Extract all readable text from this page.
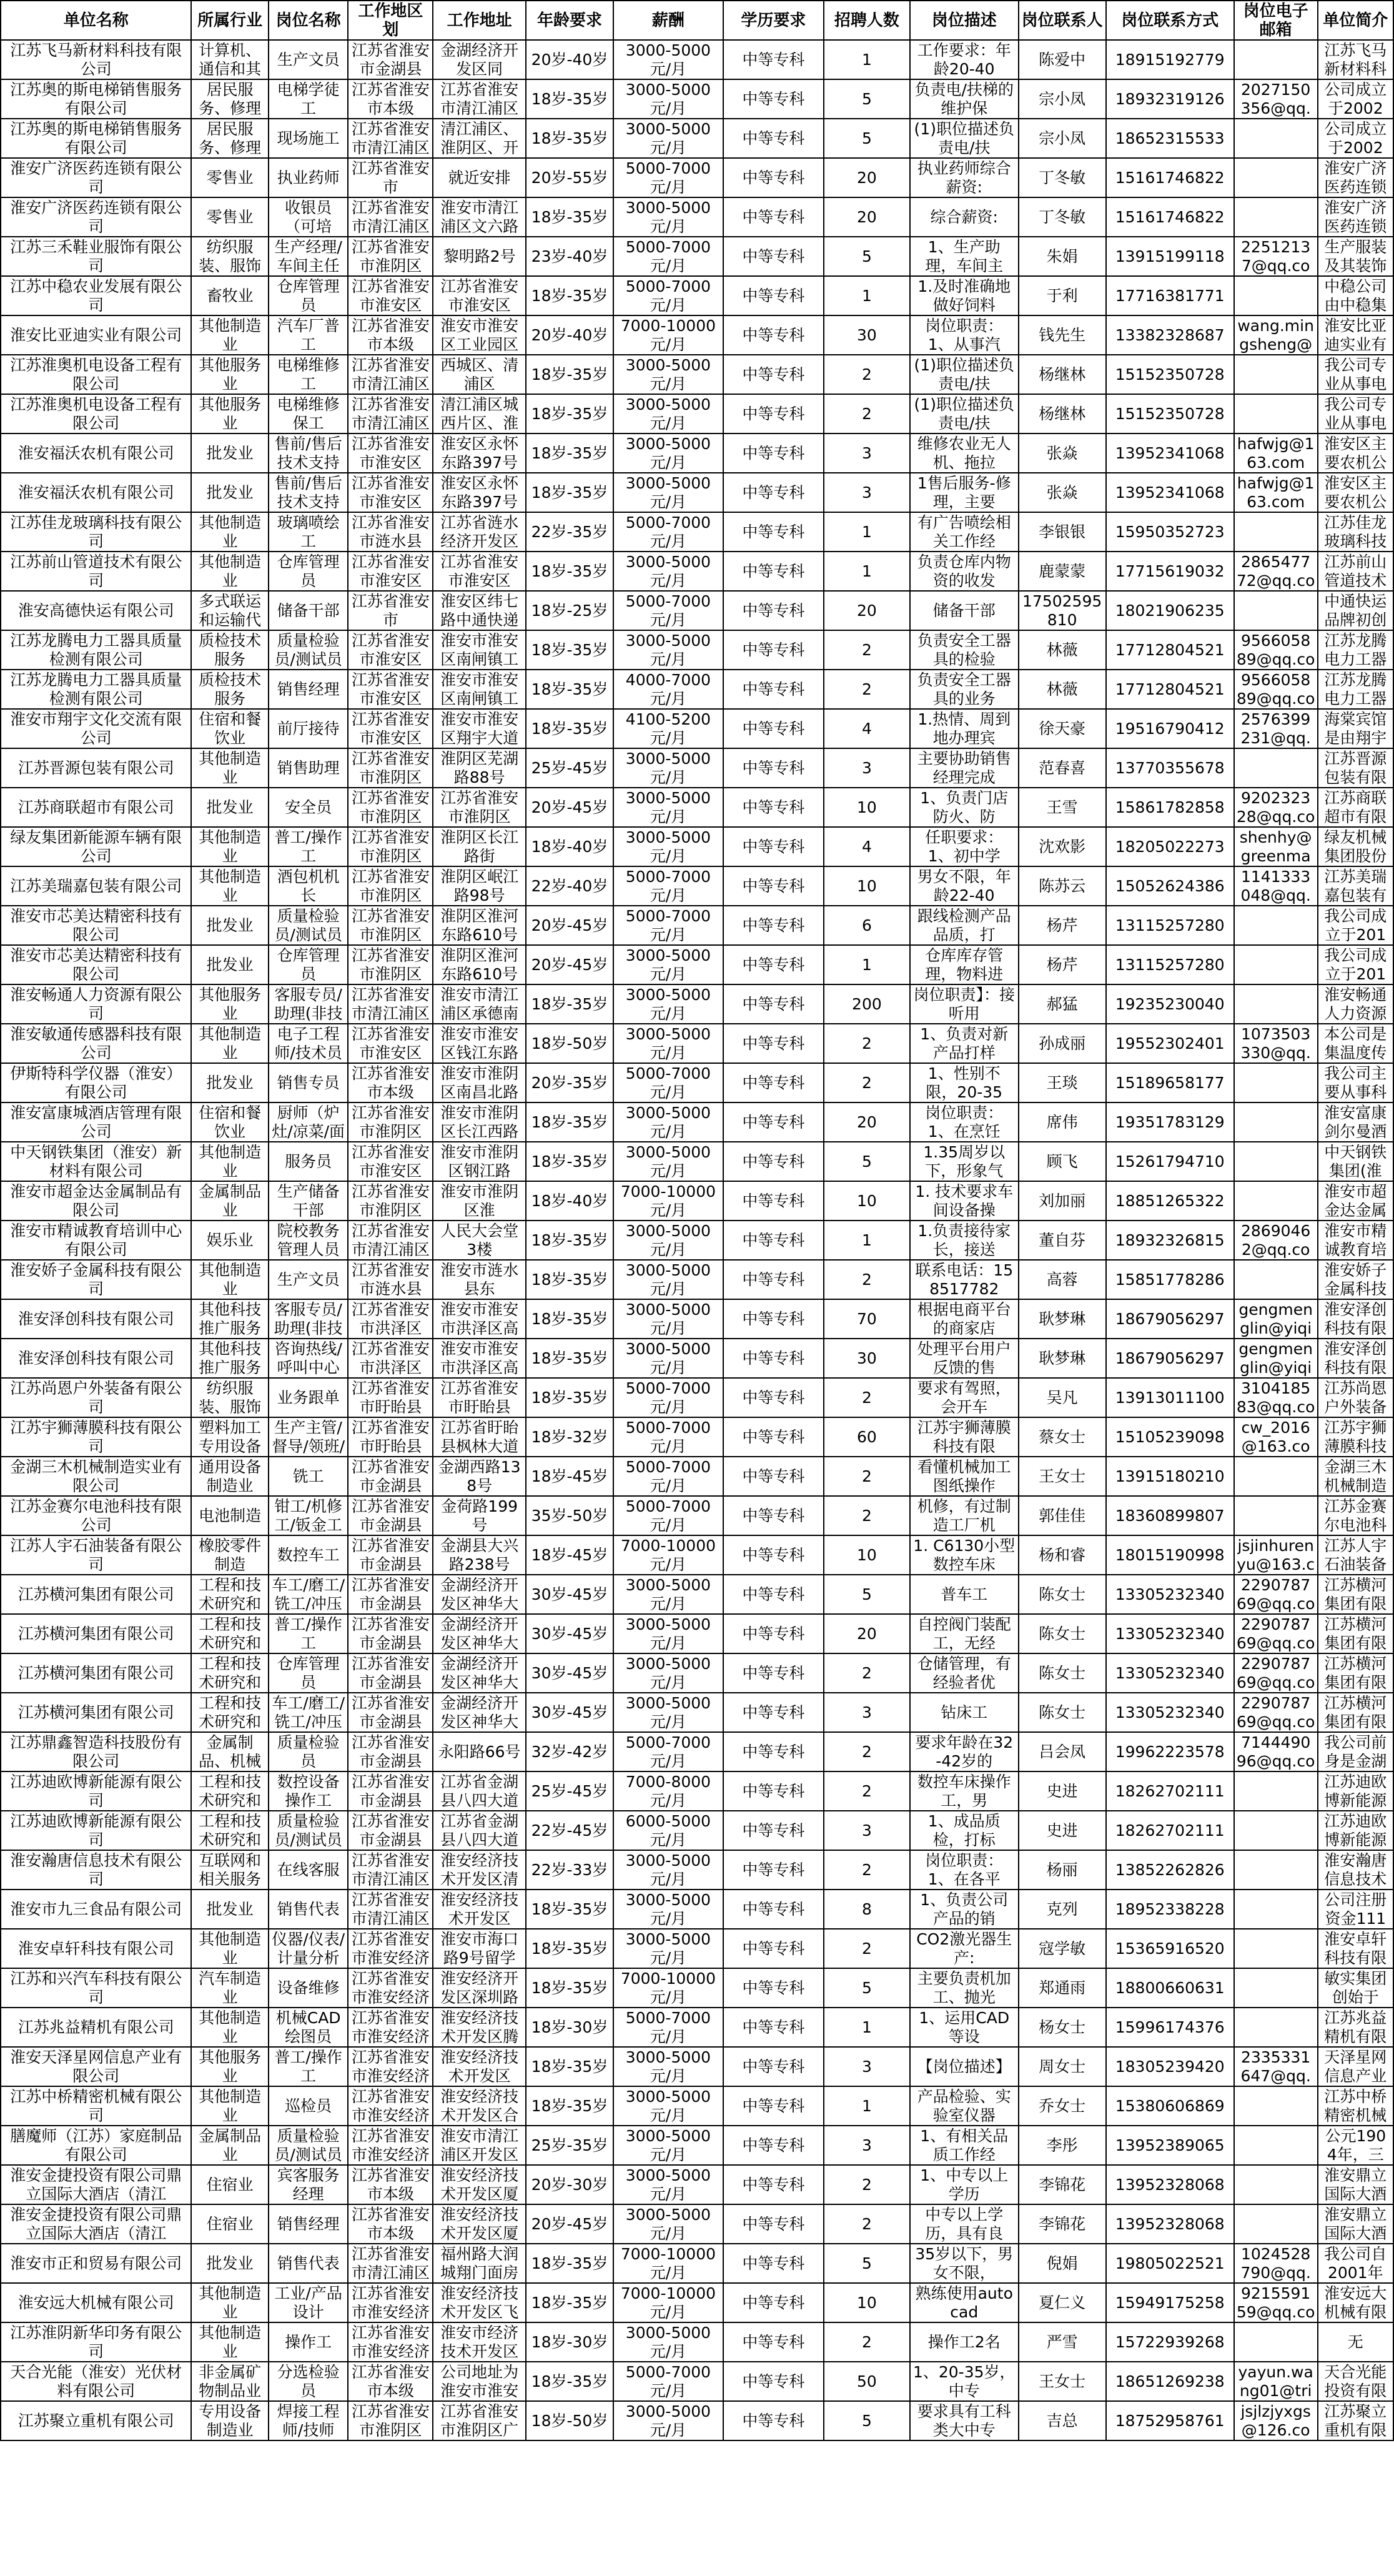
单位名称	所属行业	岗位名称	工作地区划	工作地址	年龄要求	薪酬	学历要求	招聘人数	岗位描述	岗位联系人	岗位联系方式	岗位电子邮箱	单位简介

江苏飞马新材料科技有限公司	计算机、通信和其	生产文员	江苏省淮安市金湖县	金湖经济开发区同	20岁-40岁	3000-5000元/月	中等专科	1	工作要求：年龄20-40	陈爱中	18915192779		江苏飞马新材料科

江苏奥的斯电梯销售服务有限公司	居民服务、修理	电梯学徒工	江苏省淮安市本级	江苏省淮安市清江浦区	18岁-35岁	3000-5000元/月	中等专科	5	负责电/扶梯的维护保	宗小凤	18932319126	2027150356@qq.	公司成立于2002

江苏奥的斯电梯销售服务有限公司	居民服务、修理	现场施工	江苏省淮安市清江浦区	清江浦区、淮阴区、开	18岁-35岁	3000-5000元/月	中等专科	5	(1)职位描述负责电/扶	宗小凤	18652315533		公司成立于2002

淮安广济医药连锁有限公司	零售业	执业药师	江苏省淮安市	就近安排	20岁-55岁	5000-7000元/月	中等专科	20	执业药师综合薪资:	丁冬敏	15161746822		淮安广济医药连锁

淮安广济医药连锁有限公司	零售业	收银员（可培	江苏省淮安市清江浦区	淮安市清江浦区文六路	18岁-35岁	3000-5000元/月	中等专科	20	综合薪资:	丁冬敏	15161746822		淮安广济医药连锁

江苏三禾鞋业服饰有限公司	纺织服装、服饰	生产经理/车间主任	江苏省淮安市淮阴区	黎明路2号	23岁-40岁	5000-7000元/月	中等专科	5	1、生产助理，车间主	朱娟	13915199118	22512137@qq.co	生产服装及其装饰

江苏中稳农业发展有限公司	畜牧业	仓库管理员	江苏省淮安市淮安区	江苏省淮安市淮安区	18岁-35岁	5000-7000元/月	中等专科	1	1.及时准确地做好饲料	于利	17716381771		中稳公司由中稳集

淮安比亚迪实业有限公司	其他制造业	汽车厂普工	江苏省淮安市本级	淮安市淮安区工业园区	20岁-40岁	7000-10000元/月	中等专科	30	岗位职责：1、从事汽	钱先生	13382328687	wang.mingsheng@	淮安比亚迪实业有

江苏淮奥机电设备工程有限公司	其他服务业	电梯维修工	江苏省淮安市清江浦区	西城区、清浦区	18岁-35岁	3000-5000元/月	中等专科	2	(1)职位描述负责电/扶	杨继林	15152350728		我公司专业从事电

江苏淮奥机电设备工程有限公司	其他服务业	电梯维修保工	江苏省淮安市清江浦区	清江浦区城西片区、淮	18岁-35岁	3000-5000元/月	中等专科	2	(1)职位描述负责电/扶	杨继林	15152350728		我公司专业从事电

淮安福沃农机有限公司	批发业	售前/售后技术支持	江苏省淮安市淮安区	淮安区永怀东路397号	18岁-35岁	3000-5000元/月	中等专科	3	维修农业无人机、拖拉	张焱	13952341068	hafwjg@163.com	淮安区主要农机公

淮安福沃农机有限公司	批发业	售前/售后技术支持	江苏省淮安市淮安区	淮安区永怀东路397号	18岁-35岁	3000-5000元/月	中等专科	3	1售后服务-修理，主要	张焱	13952341068	hafwjg@163.com	淮安区主要农机公

江苏佳龙玻璃科技有限公司	其他制造业	玻璃喷绘工	江苏省淮安市涟水县	江苏省涟水经济开发区	22岁-35岁	5000-7000元/月	中等专科	1	有广告喷绘相关工作经	李银银	15950352723		江苏佳龙玻璃科技

江苏前山管道技术有限公司	其他制造业	仓库管理员	江苏省淮安市淮安区	江苏省淮安市淮安区	18岁-35岁	3000-5000元/月	中等专科	1	负责仓库内物资的收发	鹿蒙蒙	17715619032	286547772@qq.co	江苏前山管道技术

淮安高德快运有限公司	多式联运和运输代	储备干部	江苏省淮安市	淮安区纬七路中通快递	18岁-25岁	5000-7000元/月	中等专科	20	储备干部	17502595810	18021906235		中通快运品牌初创

江苏龙腾电力工器具质量检测有限公司	质检技术服务	质量检验员/测试员	江苏省淮安市淮安区	淮安市淮安区南闸镇工	18岁-35岁	3000-5000元/月	中等专科	2	负责安全工器具的检验	林薇	17712804521	956605889@qq.co	江苏龙腾电力工器

江苏龙腾电力工器具质量检测有限公司	质检技术服务	销售经理	江苏省淮安市淮安区	淮安市淮安区南闸镇工	18岁-35岁	4000-7000元/月	中等专科	2	负责安全工器具的业务	林薇	17712804521	956605889@qq.co	江苏龙腾电力工器

淮安市翔宇文化交流有限公司	住宿和餐饮业	前厅接待	江苏省淮安市淮安区	淮安市淮安区翔宇大道	18岁-35岁	4100-5200元/月	中等专科	4	1.热情、周到地办理宾	徐天豪	19516790412	2576399231@qq.	海棠宾馆是由翔宇

江苏晋源包装有限公司	其他制造业	销售助理	江苏省淮安市淮阴区	淮阴区芜湖路88号	25岁-45岁	3000-5000元/月	中等专科	3	主要协助销售经理完成	范春喜	13770355678		江苏晋源包装有限

江苏商联超市有限公司	批发业	安全员	江苏省淮安市淮阴区	江苏省淮安市淮阴区	20岁-45岁	3000-5000元/月	中等专科	10	1、负责门店防火、防	王雪	15861782858	920232328@qq.co	江苏商联超市有限

绿友集团新能源车辆有限公司	其他制造业	普工/操作工	江苏省淮安市淮阴区	淮阴区长江路街	18岁-40岁	3000-5000元/月	中等专科	4	任职要求：1、初中学	沈欢影	18205022273	shenhy@greenma	绿友机械集团股份

江苏美瑞嘉包装有限公司	其他制造业	酒包机机长	江苏省淮安市淮阴区	淮阴区岷江路98号	22岁-40岁	5000-7000元/月	中等专科	10	男女不限，年龄22-40	陈苏云	15052624386	1141333048@qq.	江苏美瑞嘉包装有

淮安市芯美达精密科技有限公司	批发业	质量检验员/测试员	江苏省淮安市淮阴区	淮阴区淮河东路610号	20岁-45岁	5000-7000元/月	中等专科	6	跟线检测产品品质，打	杨芹	13115257280		我公司成立于201

淮安市芯美达精密科技有限公司	批发业	仓库管理员	江苏省淮安市淮阴区	淮阴区淮河东路610号	20岁-45岁	3000-5000元/月	中等专科	1	仓库库存管理，物料进	杨芹	13115257280		我公司成立于201

淮安畅通人力资源有限公司	其他服务业	客服专员/助理(非技	江苏省淮安市清江浦区	淮安市清江浦区承德南	18岁-35岁	3000-5000元/月	中等专科	200	岗位职责】：接听用	郝猛	19235230040		淮安畅通人力资源

淮安敏通传感器科技有限公司	其他制造业	电子工程师/技术员	江苏省淮安市淮安区	淮安市淮安区钱江东路	18岁-50岁	3000-5000元/月	中等专科	2	1、负责对新产品打样	孙成丽	19552302401	1073503330@qq.	本公司是集温度传

伊斯特科学仪器（淮安）有限公司	批发业	销售专员	江苏省淮安市本级	淮安市淮阴区南昌北路	20岁-35岁	5000-7000元/月	中等专科	2	1、性别不限，20-35	王琰	15189658177		我公司主要从事科

淮安富康城酒店管理有限公司	住宿和餐饮业	厨师（炉灶/凉菜/面	江苏省淮安市淮阴区	淮安市淮阴区长江西路	18岁-35岁	3000-5000元/月	中等专科	20	岗位职责：1、在烹饪	席伟	19351783129		淮安富康剑尔曼酒

中天钢铁集团（淮安）新材料有限公司	其他制造业	服务员	江苏省淮安市淮安区	淮安市淮阴区钢江路	18岁-35岁	3000-5000元/月	中等专科	5	1.35周岁以下，形象气	顾飞	15261794710		中天钢铁集团(淮

淮安市超金达金属制品有限公司	金属制品业	生产储备干部	江苏省淮安市淮阴区	淮安市淮阴区淮	18岁-40岁	7000-10000元/月	中等专科	10	1. 技术要求车间设备操	刘加丽	18851265322		淮安市超金达金属

淮安市精诚教育培训中心有限公司	娱乐业	院校教务管理人员	江苏省淮安市清江浦区	人民大会堂3楼	18岁-35岁	3000-5000元/月	中等专科	1	1.负责接待家长，接送	董自芬	18932326815	28690462@qq.co	淮安市精诚教育培

淮安娇子金属科技有限公司	其他制造业	生产文员	江苏省淮安市涟水县	淮安市涟水县东	18岁-35岁	3000-5000元/月	中等专科	2	联系电话：158517782	高蓉	15851778286		淮安娇子金属科技

淮安泽创科技有限公司	其他科技推广服务	客服专员/助理(非技	江苏省淮安市洪泽区	淮安市淮安市洪泽区高	18岁-35岁	3000-5000元/月	中等专科	70	根据电商平台的商家店	耿梦琳	18679056297	gengmenglin@yiqi	淮安泽创科技有限

淮安泽创科技有限公司	其他科技推广服务	咨询热线/呼叫中心	江苏省淮安市洪泽区	淮安市淮安市洪泽区高	18岁-35岁	3000-5000元/月	中等专科	30	处理平台用户反馈的售	耿梦琳	18679056297	gengmenglin@yiqi	淮安泽创科技有限

江苏尚恩户外装备有限公司	纺织服装、服饰	业务跟单	江苏省淮安市盱眙县	江苏省淮安市盱眙县	18岁-35岁	5000-7000元/月	中等专科	2	要求有驾照，会开车	吴凡	13913011100	310418583@qq.co	江苏尚恩户外装备

江苏宇狮薄膜科技有限公司	塑料加工专用设备	生产主管/督导/领班/	江苏省淮安市盱眙县	江苏省盱眙县枫林大道	18岁-32岁	5000-7000元/月	中等专科	60	江苏宇狮薄膜科技有限	蔡女士	15105239098	cw_2016@163.co	江苏宇狮薄膜科技

金湖三木机械制造实业有限公司	通用设备制造业	铣工	江苏省淮安市金湖县	金湖西路138号	18岁-45岁	5000-7000元/月	中等专科	2	看懂机械加工图纸操作	王女士	13915180210		金湖三木机械制造

江苏金赛尔电池科技有限公司	电池制造	钳工/机修工/钣金工	江苏省淮安市金湖县	金荷路199号	35岁-50岁	5000-7000元/月	中等专科	2	机修，有过制造工厂机	郭佳佳	18360899807		江苏金赛尔电池科

江苏人宇石油装备有限公司	橡胶零件制造	数控车工	江苏省淮安市金湖县	金湖县大兴路238号	18岁-45岁	7000-10000元/月	中等专科	10	1. C6130小型数控车床	杨和睿	18015190998	jsjinhurenyu@163.c	江苏人宇石油装备

江苏横河集团有限公司	工程和技术研究和	车工/磨工/铣工/冲压	江苏省淮安市金湖县	金湖经济开发区神华大	30岁-45岁	3000-5000元/月	中等专科	5	普车工	陈女士	13305232340	229078769@qq.co	江苏横河集团有限

江苏横河集团有限公司	工程和技术研究和	普工/操作工	江苏省淮安市金湖县	金湖经济开发区神华大	30岁-45岁	3000-5000元/月	中等专科	20	自控阀门装配工，无经	陈女士	13305232340	229078769@qq.co	江苏横河集团有限

江苏横河集团有限公司	工程和技术研究和	仓库管理员	江苏省淮安市金湖县	金湖经济开发区神华大	30岁-45岁	3000-5000元/月	中等专科	2	仓储管理，有经验者优	陈女士	13305232340	229078769@qq.co	江苏横河集团有限

江苏横河集团有限公司	工程和技术研究和	车工/磨工/铣工/冲压	江苏省淮安市金湖县	金湖经济开发区神华大	30岁-45岁	3000-5000元/月	中等专科	3	钻床工	陈女士	13305232340	229078769@qq.co	江苏横河集团有限

江苏鼎鑫智造科技股份有限公司	金属制品、机械	质量检验员	江苏省淮安市金湖县	永阳路66号	32岁-42岁	5000-7000元/月	中等专科	2	要求年龄在32-42岁的	吕会凤	19962223578	714449096@qq.co	我公司前身是金湖

江苏迪欧博新能源有限公司	工程和技术研究和	数控设备操作工	江苏省淮安市金湖县	江苏省金湖县八四大道	25岁-45岁	7000-8000元/月	中等专科	2	数控车床操作工，男	史进	18262702111		江苏迪欧博新能源

江苏迪欧博新能源有限公司	工程和技术研究和	质量检验员/测试员	江苏省淮安市金湖县	江苏省金湖县八四大道	22岁-45岁	6000-5000元/月	中等专科	3	1、成品质检，打标	史进	18262702111		江苏迪欧博新能源

淮安瀚唐信息技术有限公司	互联网和相关服务	在线客服	江苏省淮安市清江浦区	淮安经济技术开发区清	22岁-33岁	3000-5000元/月	中等专科	2	岗位职责：1、在各平	杨丽	13852262826		淮安瀚唐信息技术

淮安市九三食品有限公司	批发业	销售代表	江苏省淮安市清江浦区	淮安经济技术开发区	18岁-35岁	3000-5000元/月	中等专科	8	1、负责公司产品的销	克列	18952338228		公司注册资金111

淮安卓轩科技有限公司	其他制造业	仪器/仪表/计量分析	江苏省淮安市淮安经济	淮安市海口路9号留学	18岁-35岁	3000-5000元/月	中等专科	2	CO2激光器生产:	寇学敏	15365916520		淮安卓轩科技有限

江苏和兴汽车科技有限公司	汽车制造业	设备维修	江苏省淮安市淮安经济	淮安经济开发区深圳路	18岁-35岁	7000-10000元/月	中等专科	5	主要负责机加工、抛光	郑通雨	18800660631		敏实集团创始于

江苏兆益精机有限公司	其他制造业	机械CAD绘图员	江苏省淮安市淮安经济	淮安经济技术开发区腾	18岁-30岁	5000-7000元/月	中等专科	1	1、运用CAD等设	杨女士	15996174376		江苏兆益精机有限

淮安天泽星网信息产业有限公司	其他服务业	普工/操作工	江苏省淮安市淮安经济	淮安经济技术开发区	18岁-35岁	3000-5000元/月	中等专科	3	【岗位描述】	周女士	18305239420	2335331647@qq.	天泽星网信息产业

江苏中桥精密机械有限公司	其他制造业	巡检员	江苏省淮安市淮安经济	淮安经济技术开发区合	18岁-35岁	3000-5000元/月	中等专科	1	产品检验、实验室仪器	乔女士	15380606869		江苏中桥精密机械

膳魔师（江苏）家庭制品有限公司	金属制品业	质量检验员/测试员	江苏省淮安市淮安经济	淮安市清江浦区开发区	25岁-35岁	3000-5000元/月	中等专科	3	1、有相关品质工作经	李彤	13952389065		公元1904年，三

淮安金捷投资有限公司鼎立国际大酒店（清江	住宿业	宾客服务经理	江苏省淮安市本级	淮安经济技术开发区厦	20岁-30岁	3000-5000元/月	中等专科	2	1、中专以上学历	李锦花	13952328068		淮安鼎立国际大酒

淮安金捷投资有限公司鼎立国际大酒店（清江	住宿业	销售经理	江苏省淮安市本级	淮安经济技术开发区厦	20岁-45岁	3000-5000元/月	中等专科	2	中专以上学历，具有良	李锦花	13952328068		淮安鼎立国际大酒

淮安市正和贸易有限公司	批发业	销售代表	江苏省淮安市清江浦区	福州路大润城翔门面房	18岁-35岁	7000-10000元/月	中等专科	5	35岁以下，男女不限，	倪娟	19805022521	1024528790@qq.	我公司自2001年

淮安远大机械有限公司	其他制造业	工业/产品设计	江苏省淮安市淮安经济	淮安经济技术开发区飞	18岁-35岁	7000-10000元/月	中等专科	10	熟练使用autocad	夏仁义	15949175258	921559159@qq.co	淮安远大机械有限

江苏淮阴新华印务有限公司	其他制造业	操作工	江苏省淮安市淮安经济	淮安市经济技术开发区	18岁-30岁	3000-5000元/月	中等专科	2	操作工2名	严雪	15722939268		无

天合光能（淮安）光伏材料有限公司	非金属矿物制品业	分选检验员	江苏省淮安市本级	公司地址为淮安市淮安	18岁-35岁	5000-7000元/月	中等专科	50	1、20-35岁，中专	王女士	18651269238	yayun.wang01@tri	天合光能投资有限

江苏聚立重机有限公司	专用设备制造业	焊接工程师/技师	江苏省淮安市淮阴区	江苏省淮安市淮阴区广	18岁-50岁	3000-5000元/月	中等专科	5	要求具有工科类大中专	吉总	18752958761	jsjlzjyxgs@126.co	江苏聚立重机有限
